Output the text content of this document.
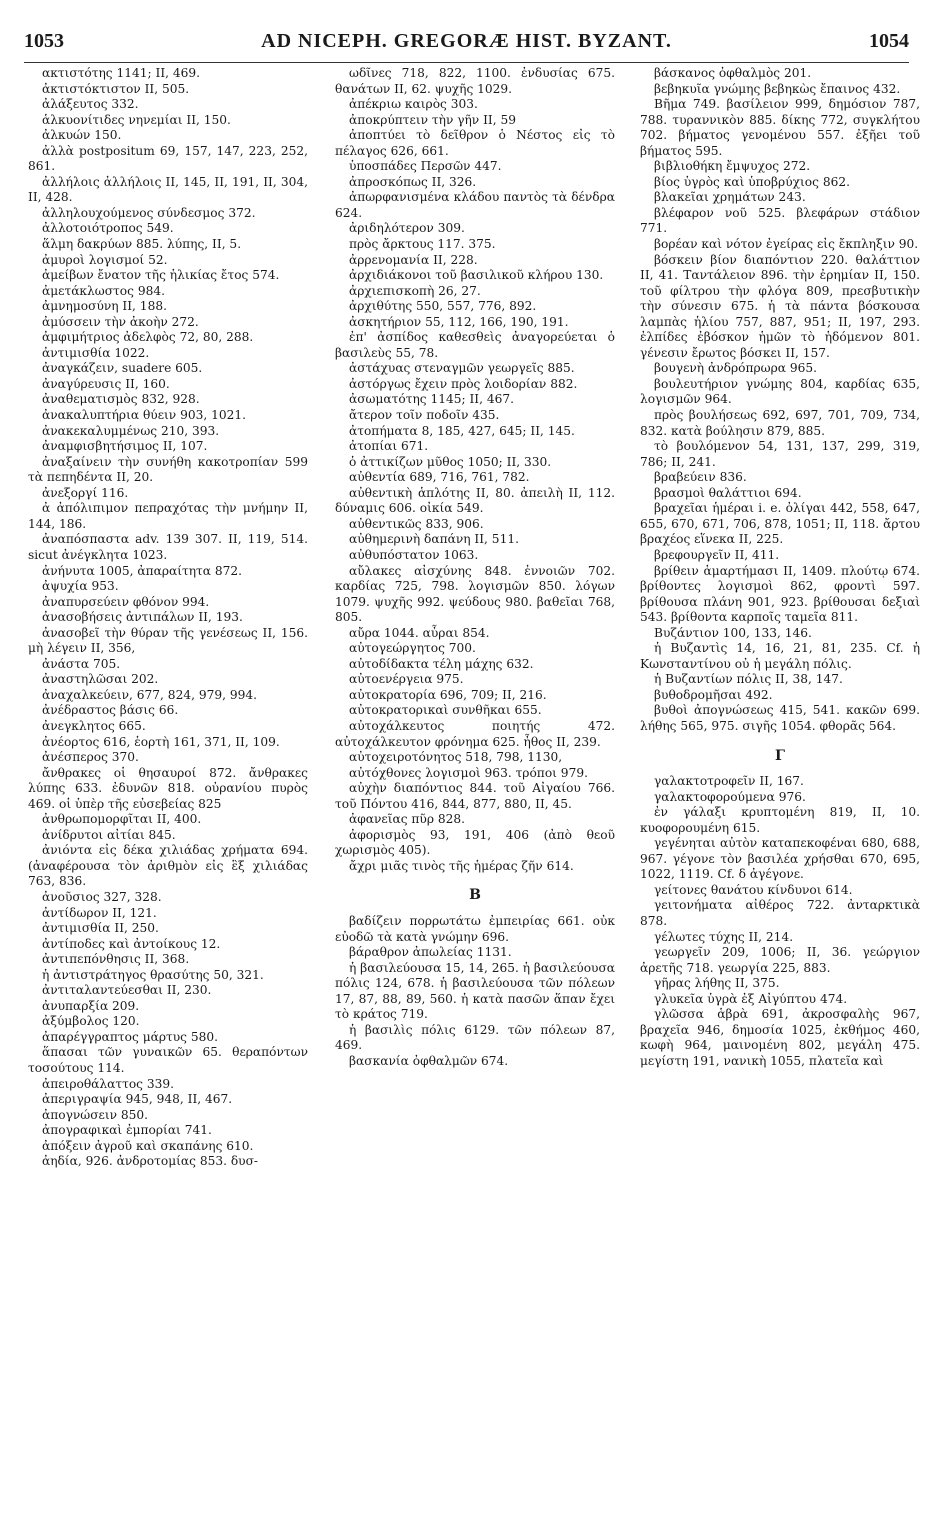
1053	AD NICEPH. GREGORÆ HIST. BYZANT.	1054

ακτιστότης 1141; II, 469.

ἀκτιστόκτιστον II, 505.

ἀλάξευτος 332.

ἁλκυονίτιδες νηνεμίαι II, 150.

ἀλκυών 150.

ἀλλὰ postpositum 69, 157, 147, 223, 252, 861.

ἀλλήλοις ἀλλήλοις II, 145, II, 191, II, 304, II, 428.

ἀλληλουχούμενος σύνδεσμος 372.

ἀλλοτοιότροπος 549.

ἅλμη δακρύων 885. λύπης, II, 5.

ἀμυροὶ λογισμοί 52.

ἀμείβων ἔνατον τῆς ἡλικίας ἔτος 574.

ἀμετάκλωστος 984.

ἀμνημοσύνη II, 188.

ἀμύσσειν τὴν ἀκοὴν 272.

ἀμφιμήτριος ἀδελφὸς 72, 80, 288.

ἀντιμισθία 1022.

ἀναγκάζειν, suadere 605.

ἀναγύρευσις II, 160.

ἀναθεματισμὸς 832, 928.

ἀνακαλυπτήρια θύειν 903, 1021.

ἀνακεκαλυμμένως 210, 393.

ἀναμφισβητήσιμος II, 107.

ἀναξαίνειν τὴν συνήθη κακοτροπίαν 599 τὰ πεπηδέντα II, 20.

ἀνεξοργί 116.

ἀ ἀπόλιπιμον πεπραχότας τὴν μνήμην II, 144, 186.

ἀναπόσπαστα adv. 139 307. II, 119, 514. sicut ἀνέγκλητα 1023.

ἀνήνυτα 1005, ἀπαραίτητα 872.

ἀψυχία 953.

ἀναπυρσεύειν φθόνον 994.

ἀνασοβήσεις ἀντιπάλων II, 193.

ἀνασοβεῖ τὴν θύραν τῆς γενέσεως II, 156. μὴ λέγειν II, 356,

ἀνάστα 705.

ἀναστηλῶσαι 202.

ἀναχαλκεύειν, 677, 824, 979, 994.

ἀνέδραστος βάσις 66.

ἀνεγκλητος 665.

ἀνέορτος 616, ἑορτὴ 161, 371, II, 109.

ἀνέσπερος 370.

ἄνθρακες οἱ θησαυροί 872. ἄνθρακες λύπης 633. ἐδυνῶν 818. οὐρανίου πυρὸς 469. οἱ ὑπὲρ τῆς εὐσεβείας 825

ἀνθρωπομορφῖται II, 400.

ἀνίδρυτοι αἰτίαι 845.

ἀνιόντα εἰς δέκα χιλιάδας χρήματα 694. (ἀναφέρουσα τὸν ἀριθμὸν εἰς ἓξ χιλιάδας 763, 836.

ἀνοῦσιος 327, 328.

ἀντίδωρον II, 121.

ἀντιμισθία II, 250.

ἀντίποδες καὶ ἀντοίκους 12.

ἀντιπεπόνθησις II, 368.

ἡ ἀντιστράτηγος θρασύτης 50, 321.

ἀντιταλαντεύεσθαι II, 230.

ἀνυπαρξία 209.

ἀξύμβολος 120.

ἀπαρέγγραπτος μάρτυς 580.

ἅπασαι τῶν γυναικῶν 65. θεραπόντων τοσούτους 114.

ἀπειροθάλαττος 339.

ἀπεριγραψία 945, 948, II, 467.

ἀπογνώσειν 850.

ἀπογραφικαὶ ἐμπορίαι 741.

ἀπόξειν ἀγροῦ καὶ σκαπάνης 610.

ἀηδία, 926. ἀνδροτομίας 853. δυσ-

ωδῖνες 718, 822, 1100. ἐνδυσίας 675. θανάτων II, 62. ψυχῆς 1029.

ἀπέκριω καιρὸς 303.

ἀποκρύπτειν τὴν γῆν II, 59

ἀποπτύει τὸ δεῖθρον ὁ Νέστος εἰς τὸ πέλαγος 626, 661.

ὑποσπάδες Περσῶν 447.

ἀπροσκόπως II, 326.

ἀπωρφανισμένα κλάδου παντὸς τὰ δένδρα 624.

ἀριδηλότερον 309.

πρὸς ἄρκτους 117. 375.

ἀρρενομανία II, 228.

ἀρχιδιάκονοι τοῦ βασιλικοῦ κλήρου 130.

ἀρχιεπισκοπὴ 26, 27.

ἀρχιθύτης 550, 557, 776, 892.

ἀσκητήριον 55, 112, 166, 190, 191.

ἐπ' ἀσπίδος καθεσθεὶς ἀναγορεύεται ὁ βασιλεὺς 55, 78.

ἀστάχυας στεναγμῶν γεωργεῖς 885.

ἀστόργως ἔχειν πρὸς λοιδορίαν 882.

ἀσωματότης 1145; II, 467.

ἄτερον τοῖν ποδοῖν 435.

ἀτοπήματα 8, 185, 427, 645; II, 145.

ἀτοπίαι 671.

ὁ ἀττικίζων μῦθος 1050; II, 330.

αὐθεντία 689, 716, 761, 782.

αὐθεντικὴ ἁπλότης II, 80. ἀπειλὴ II, 112. δύναμις 606. οἰκία 549.

αὐθεντικῶς 833, 906.

αὐθημερινὴ δαπάνη II, 511.

αὐθυπόστατον 1063.

αὔλακες αἰσχύνης 848. ἐννοιῶν 702. καρδίας 725, 798. λογισμῶν 850. λόγων 1079. ψυχῆς 992. ψεύδους 980. βαθεῖαι 768, 805.

αὔρα 1044. αὖραι 854.

αὐτογεώργητος 700.

αὐτοδίδακτα τέλη μάχης 632.

αὐτοενέργεια 975.

αὐτοκρατορία 696, 709; II, 216.

αὐτοκρατορικαὶ συνθῆκαι 655.

αὐτοχάλκευτος ποιητής 472. αὐτοχάλκευτον φρόνημα 625. ἦθος II, 239.

αὐτοχειροτόνητος 518, 798, 1130,

αὐτόχθονες λογισμοὶ 963. τρόποι 979.

αὐχὴν διαπόντιος 844. τοῦ Αἰγαίου 766. τοῦ Πόντου 416, 844, 877, 880, II, 45.

ἀφανεῖας πῦρ 828.

ἀφορισμὸς 93, 191, 406 (ἀπὸ θεοῦ χωρισμὸς 405).

ἄχρι μιᾶς τινὸς τῆς ἡμέρας ζῆν 614.

B

βαδίζειν πορρωτάτω ἐμπειρίας 661. οὐκ εὐοδῶ τὰ κατὰ γνώμην 696.

βάραθρον ἀπωλείας 1131.

ἡ βασιλεύουσα 15, 14, 265. ἡ βασιλεύουσα πόλις 124, 678. ἡ βασιλεύουσα τῶν πόλεων 17, 87, 88, 89, 560. ἡ κατὰ πασῶν ἅπαν ἔχει τὸ κράτος 719.

ἡ βασιλὶς πόλις 6129. τῶν πόλεων 87, 469.

βασκανία ὀφθαλμῶν 674.

βάσκανος ὀφθαλμὸς 201.

βεβηκυῖα γνώμης βεβηκὼς ἔπαινος 432.

Βῆμα 749. βασίλειον 999, δημόσιον 787, 788. τυραννικὸν 885. δίκης 772, συγκλήτου 702. βήματος γενομένου 557. ἐξῆει τοῦ βήματος 595.

βιβλιοθήκη ἔμψυχος 272.

βίος ὑγρὸς καὶ ὑποβρύχιος 862.

βλακεῖαι χρημάτων 243.

βλέφαρον νοῦ 525. βλεφάρων στάδιον 771.

βορέαν καὶ νότον ἐγείρας εἰς ἔκπληξιν 90.

βόσκειν βίον διαπόντιον 220. θαλάττιον II, 41. Ταντάλειον 896. τὴν ἐρημίαν II, 150. τοῦ φίλτρου τὴν φλόγα 809, πρεσβυτικὴν τὴν σύνεσιν 675. ἡ τὰ πάντα βόσκουσα λαμπὰς ἡλίου 757, 887, 951; II, 197, 293. ἐλπίδες ἐβόσκον ἡμῶν τὸ ἡδόμενον 801. γένεσιν ἔρωτος βόσκει II, 157.

βουγενὴ ἀνδρόπρωρα 965.

βουλευτήριον γνώμης 804, καρδίας 635, λογισμῶν 964.

πρὸς βουλήσεως 692, 697, 701, 709, 734, 832. κατὰ βούλησιν 879, 885.

τὸ βουλόμενον 54, 131, 137, 299, 319, 786; II, 241.

βραβεύειν 836.

βρασμοὶ θαλάττιοι 694.

βραχεῖαι ἡμέραι i. e. ὀλίγαι 442, 558, 647, 655, 670, 671, 706, 878, 1051; II, 118. ἄρτου βραχέος εἵνεκα II, 225.

βρεφουργεῖν II, 411.

βρίθειν ἁμαρτήμασι II, 1409. πλούτῳ 674. βρίθοντες λογισμοὶ 862, φροντὶ 597. βρίθουσα πλάνη 901, 923. βρίθουσαι δεξιαὶ 543. βρίθοντα καρποῖς ταμεῖα 811.

Βυζάντιον 100, 133, 146.

ἡ Βυζαντὶς 14, 16, 21, 81, 235. Cf. ἡ Κωνσταντίνου οὐ ἡ μεγάλη πόλις.

ἡ Βυζαντίων πόλις II, 38, 147.

βυθοδρομῆσαι 492.

βυθοὶ ἀπογνώσεως 415, 541. κακῶν 699. λήθης 565, 975. σιγῆς 1054. φθορᾶς 564.

Γ

γαλακτοτροφεῖν II, 167.

γαλακτοφορούμενα 976.

ἐν γάλαξι κρυπτομένη 819, II, 10. κυοφορουμένη 615.

γεγένηται αὐτὸν καταπεκοφέναι 680, 688, 967. γέγονε τὸν βασιλέα χρήσθαι 670, 695, 1022, 1119. Cf. δ ἀγέγονε.

γείτονες θανάτου κίνδυνοι 614.

γειτονήματα αἰθέρος 722. ἀνταρκτικὰ 878.

γέλωτες τύχης II, 214.

γεωργεῖν 209, 1006; II, 36. γεώργιον ἀρετῆς 718. γεωργία 225, 883.

γῆρας λήθης II, 375.

γλυκεῖα ὑγρὰ ἐξ Αἰγύπτου 474.

γλῶσσα ἁβρὰ 691, ἀκροσφαλὴς 967, βραχεῖα 946, δημοσία 1025, ἐκθήμος 460, κωφὴ 964, μαινομένη 802, μεγάλη 475. μεγίστη 191, νανικὴ 1055, πλατεῖα καὶ
